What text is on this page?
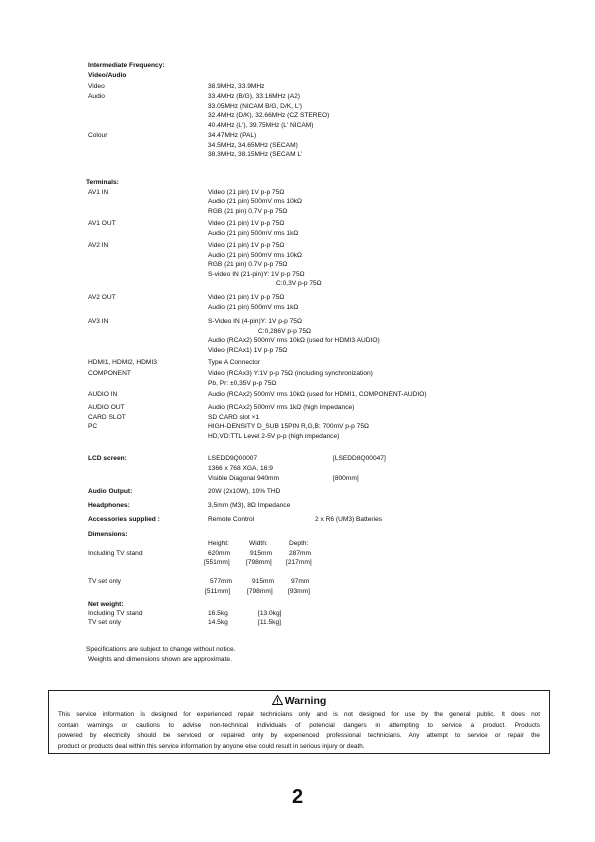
Intermediate Frequency:
Video/Audio
Video	38.9MHz, 33.9MHz
Audio	33.4MHz (B/G), 33.16MHz (A2)
33.05MHz (NICAM B/G, D/K, L')
32.4MHz (D/K), 32.66MHz (CZ STEREO)
40.4MHz (L'), 39.75MHz (L' NICAM)
Colour	34.47MHz (PAL)
34.5MHz, 34.65MHz (SECAM)
38.3MHz, 38.15MHz (SECAM L'
Terminals:
AV1 IN	Video (21 pin) 1V p-p 75Ω
Audio (21 pin) 500mV rms 10kΩ
RGB (21 pin) 0,7V p-p 75Ω
AV1 OUT	Video (21 pin) 1V p-p 75Ω
Audio (21 pin) 500mV rms 1kΩ
AV2 IN	Video (21 pin) 1V p-p 75Ω
Audio (21 pin) 500mV rms 10kΩ
RGB (21 pin) 0.7V p-p 75Ω
S-video IN (21-pin)Y: 1V p-p 75Ω
C:0,3V p-p 75Ω
AV2 OUT	Video (21 pin) 1V p-p 75Ω
Audio (21 pin) 500mV rms 1kΩ
AV3 IN	S-Video IN (4-pin)Y: 1V p-p 75Ω
C:0,286V p-p 75Ω
Audio (RCAx2) 500mV rms 10kΩ (used for HDMI3 AUDIO)
Video (RCAx1) 1V p-p 75Ω
HDMI1, HDMI2, HDMI3	Type A Connector
COMPONENT	Video (RCAx3) Y:1V p-p 75Ω (including synchronization)
Pb, Pr: ±0,35V p-p 75Ω
AUDIO IN	Audio (RCAx2) 500mV rms 10kΩ (used for HDMI1, COMPONENT-AUDIO)
AUDIO OUT	Audio (RCAx2) 500mV rms 1kΩ (high Impedance)
CARD SLOT	SD CARD slot ×1
PC	HIGH-DENSITY D_SUB 15PIN R,G,B: 700mV p-p 75Ω
HD,VD:TTL Level 2-5V p-p (high impedance)
LCD screen:	LSEDD9Q00007	[LSEDD8Q00047]
1366 x 768 XGA, 16:9
Visible Diagonal 940mm	[800mm]
Audio Output:	20W (2x10W), 10% THD
Headphones:	3,5mm (M3), 8Ω Impedance
Accessories supplied :	Remote Control	2 x R6 (UM3) Batteries
Dimensions:
Height:	Width:	Depth:
Including TV stand	620mm	915mm	287mm
[551mm] [798mm] [217mm]
TV set only	577mm	915mm	97mm
[511mm]	[798mm] [93mm]
Net weight:
Including TV stand	16.5kg	[13.0kg]
TV set only	14.5kg	[11.5kg]
Specifications are subject to change without notice.
Weights and dimensions shown are approximate.
Warning
This service information is designed for experienced repair technicians only and is not designed for use by the general public. It does not
contain warnings or cautions to advise non-technical individuals of potencial dangers in attempting to service a product. Products
powered by electricity should be serviced or repaired only by experienced professional technicians. Any attempt to service or repair the
product or products deal within this service information by anyone else could result in serious injury or death.
2
